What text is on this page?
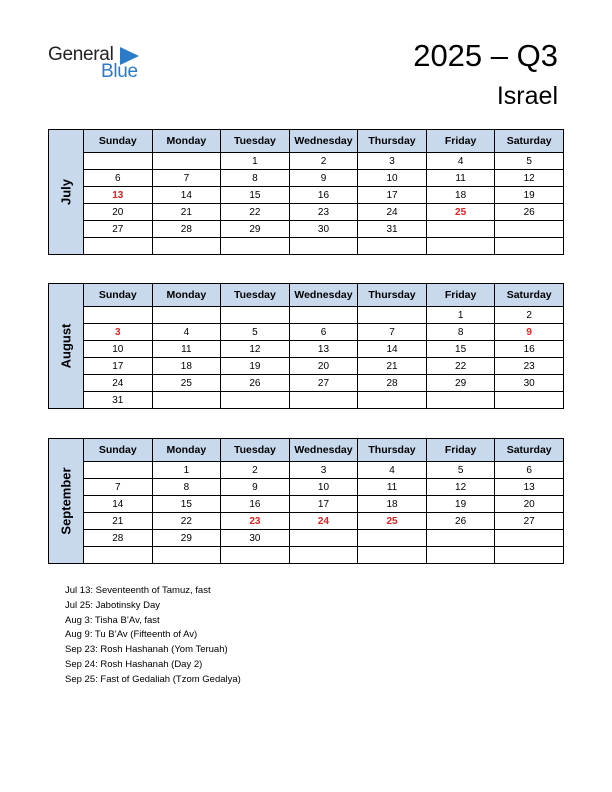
General
Blue	2025 – Q3
Israel
July	Sunday	Monday	Tuesday	Wednesday	Thursday	Friday	Saturday
			1	2	3	4	5
	6	7	8	9	10	11	12
	13	14	15	16	17	18	19
	20	21	22	23	24	25	26
	27	28	29	30	31		

August	Sunday	Monday	Tuesday	Wednesday	Thursday	Friday	Saturday
						1	2
	3	4	5	6	7	8	9
	10	11	12	13	14	15	16
	17	18	19	20	21	22	23
	24	25	26	27	28	29	30
	31						
September	Sunday	Monday	Tuesday	Wednesday	Thursday	Friday	Saturday
		1	2	3	4	5	6
	7	8	9	10	11	12	13
	14	15	16	17	18	19	20
	21	22	23	24	25	26	27
	28	29	30				

Jul 13: Seventeenth of Tamuz, fast
Jul 25: Jabotinsky Day
Aug 3: Tisha B’Av, fast
Aug 9: Tu B’Av (Fifteenth of Av)
Sep 23: Rosh Hashanah (Yom Teruah)
Sep 24: Rosh Hashanah (Day 2)
Sep 25: Fast of Gedaliah (Tzom Gedalya)
